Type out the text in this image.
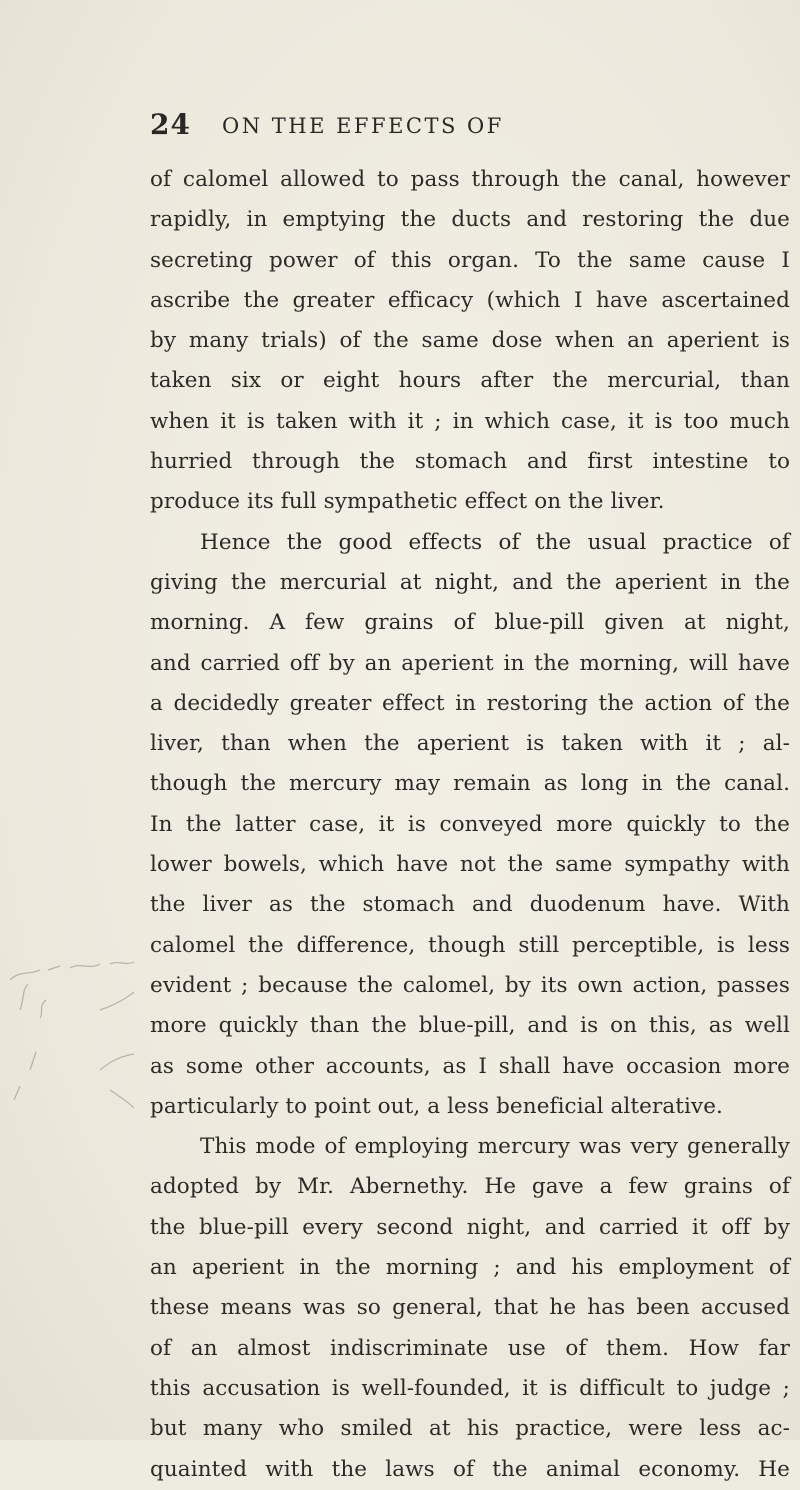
24 ON THE EFFECTS OF
of calomel allowed to pass through the canal, however
rapidly, in emptying the ducts and restoring the due
secreting power of this organ. To the same cause I
ascribe the greater efficacy (which I have ascertained
by many trials) of the same dose when an aperient is
taken six or eight hours after the mercurial, than
when it is taken with it ; in which case, it is too much
hurried through the stomach and first intestine to
produce its full sympathetic effect on the liver.
Hence the good effects of the usual practice of
giving the mercurial at night, and the aperient in the
morning. A few grains of blue-pill given at night,
and carried off by an aperient in the morning, will have
a decidedly greater effect in restoring the action of the
liver, than when the aperient is taken with it ; al-
though the mercury may remain as long in the canal.
In the latter case, it is conveyed more quickly to the
lower bowels, which have not the same sympathy with
the liver as the stomach and duodenum have. With
calomel the difference, though still perceptible, is less
evident ; because the calomel, by its own action, passes
more quickly than the blue-pill, and is on this, as well
as some other accounts, as I shall have occasion more
particularly to point out, a less beneficial alterative.
This mode of employing mercury was very generally
adopted by Mr. Abernethy. He gave a few grains of
the blue-pill every second night, and carried it off by
an aperient in the morning ; and his employment of
these means was so general, that he has been accused
of an almost indiscriminate use of them. How far
this accusation is well-founded, it is difficult to judge ;
but many who smiled at his practice, were less ac-
quainted with the laws of the animal economy. He
